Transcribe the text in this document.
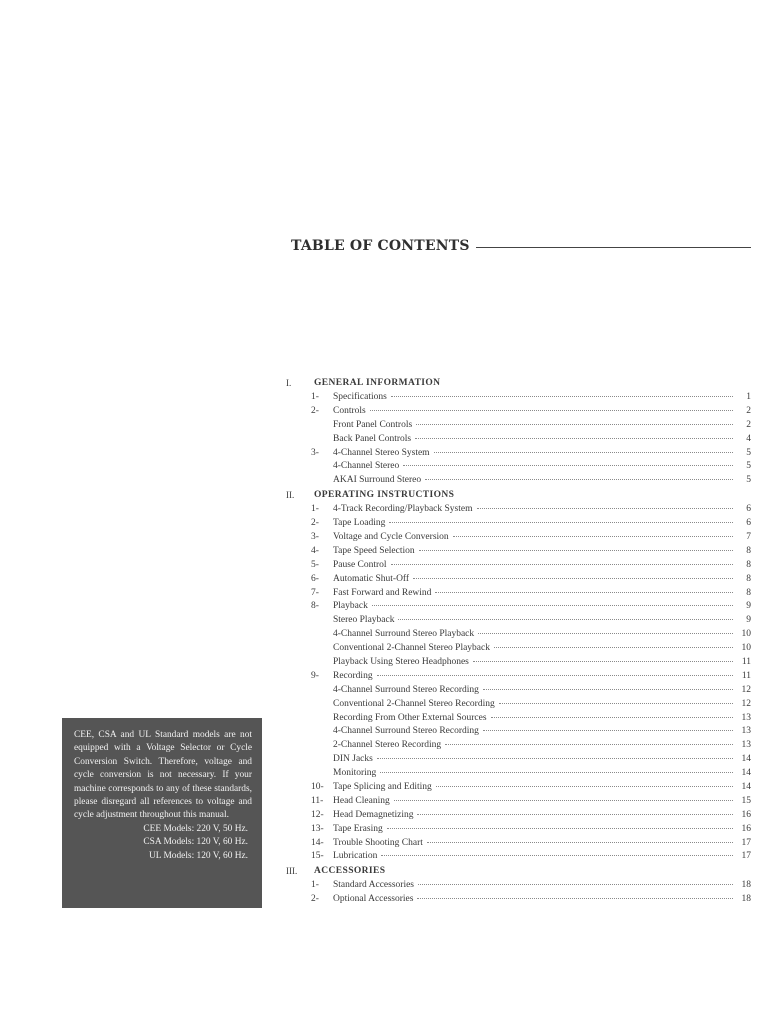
TABLE OF CONTENTS
CEE, CSA and UL Standard models are not equipped with a Voltage Selector or Cycle Conversion Switch. Therefore, voltage and cycle conversion is not necessary. If your machine corresponds to any of these standards, please disregard all references to voltage and cycle adjustment throughout this manual.
CEE Models: 220 V, 50 Hz.
CSA Models: 120 V, 60 Hz.
UL Models: 120 V, 60 Hz.
I.	GENERAL INFORMATION
1-	Specifications	1
2-	Controls	2
Front Panel Controls	2
Back Panel Controls	4
3-	4-Channel Stereo System	5
4-Channel Stereo	5
AKAI Surround Stereo	5
II.	OPERATING INSTRUCTIONS
1-	4-Track Recording/Playback System	6
2-	Tape Loading	6
3-	Voltage and Cycle Conversion	7
4-	Tape Speed Selection	8
5-	Pause Control	8
6-	Automatic Shut-Off	8
7-	Fast Forward and Rewind	8
8-	Playback	9
Stereo Playback	9
4-Channel Surround Stereo Playback	10
Conventional 2-Channel Stereo Playback	10
Playback Using Stereo Headphones	11
9-	Recording	11
4-Channel Surround Stereo Recording	12
Conventional 2-Channel Stereo Recording	12
Recording From Other External Sources	13
4-Channel Surround Stereo Recording	13
2-Channel Stereo Recording	13
DIN Jacks	14
Monitoring	14
10- Tape Splicing and Editing	14
11-	Head Cleaning	15
12- Head Demagnetizing	16
13- Tape Erasing	16
14- Trouble Shooting Chart	17
15- Lubrication	17
III.	ACCESSORIES
1-	Standard Accessories	18
2-	Optional Accessories	18
